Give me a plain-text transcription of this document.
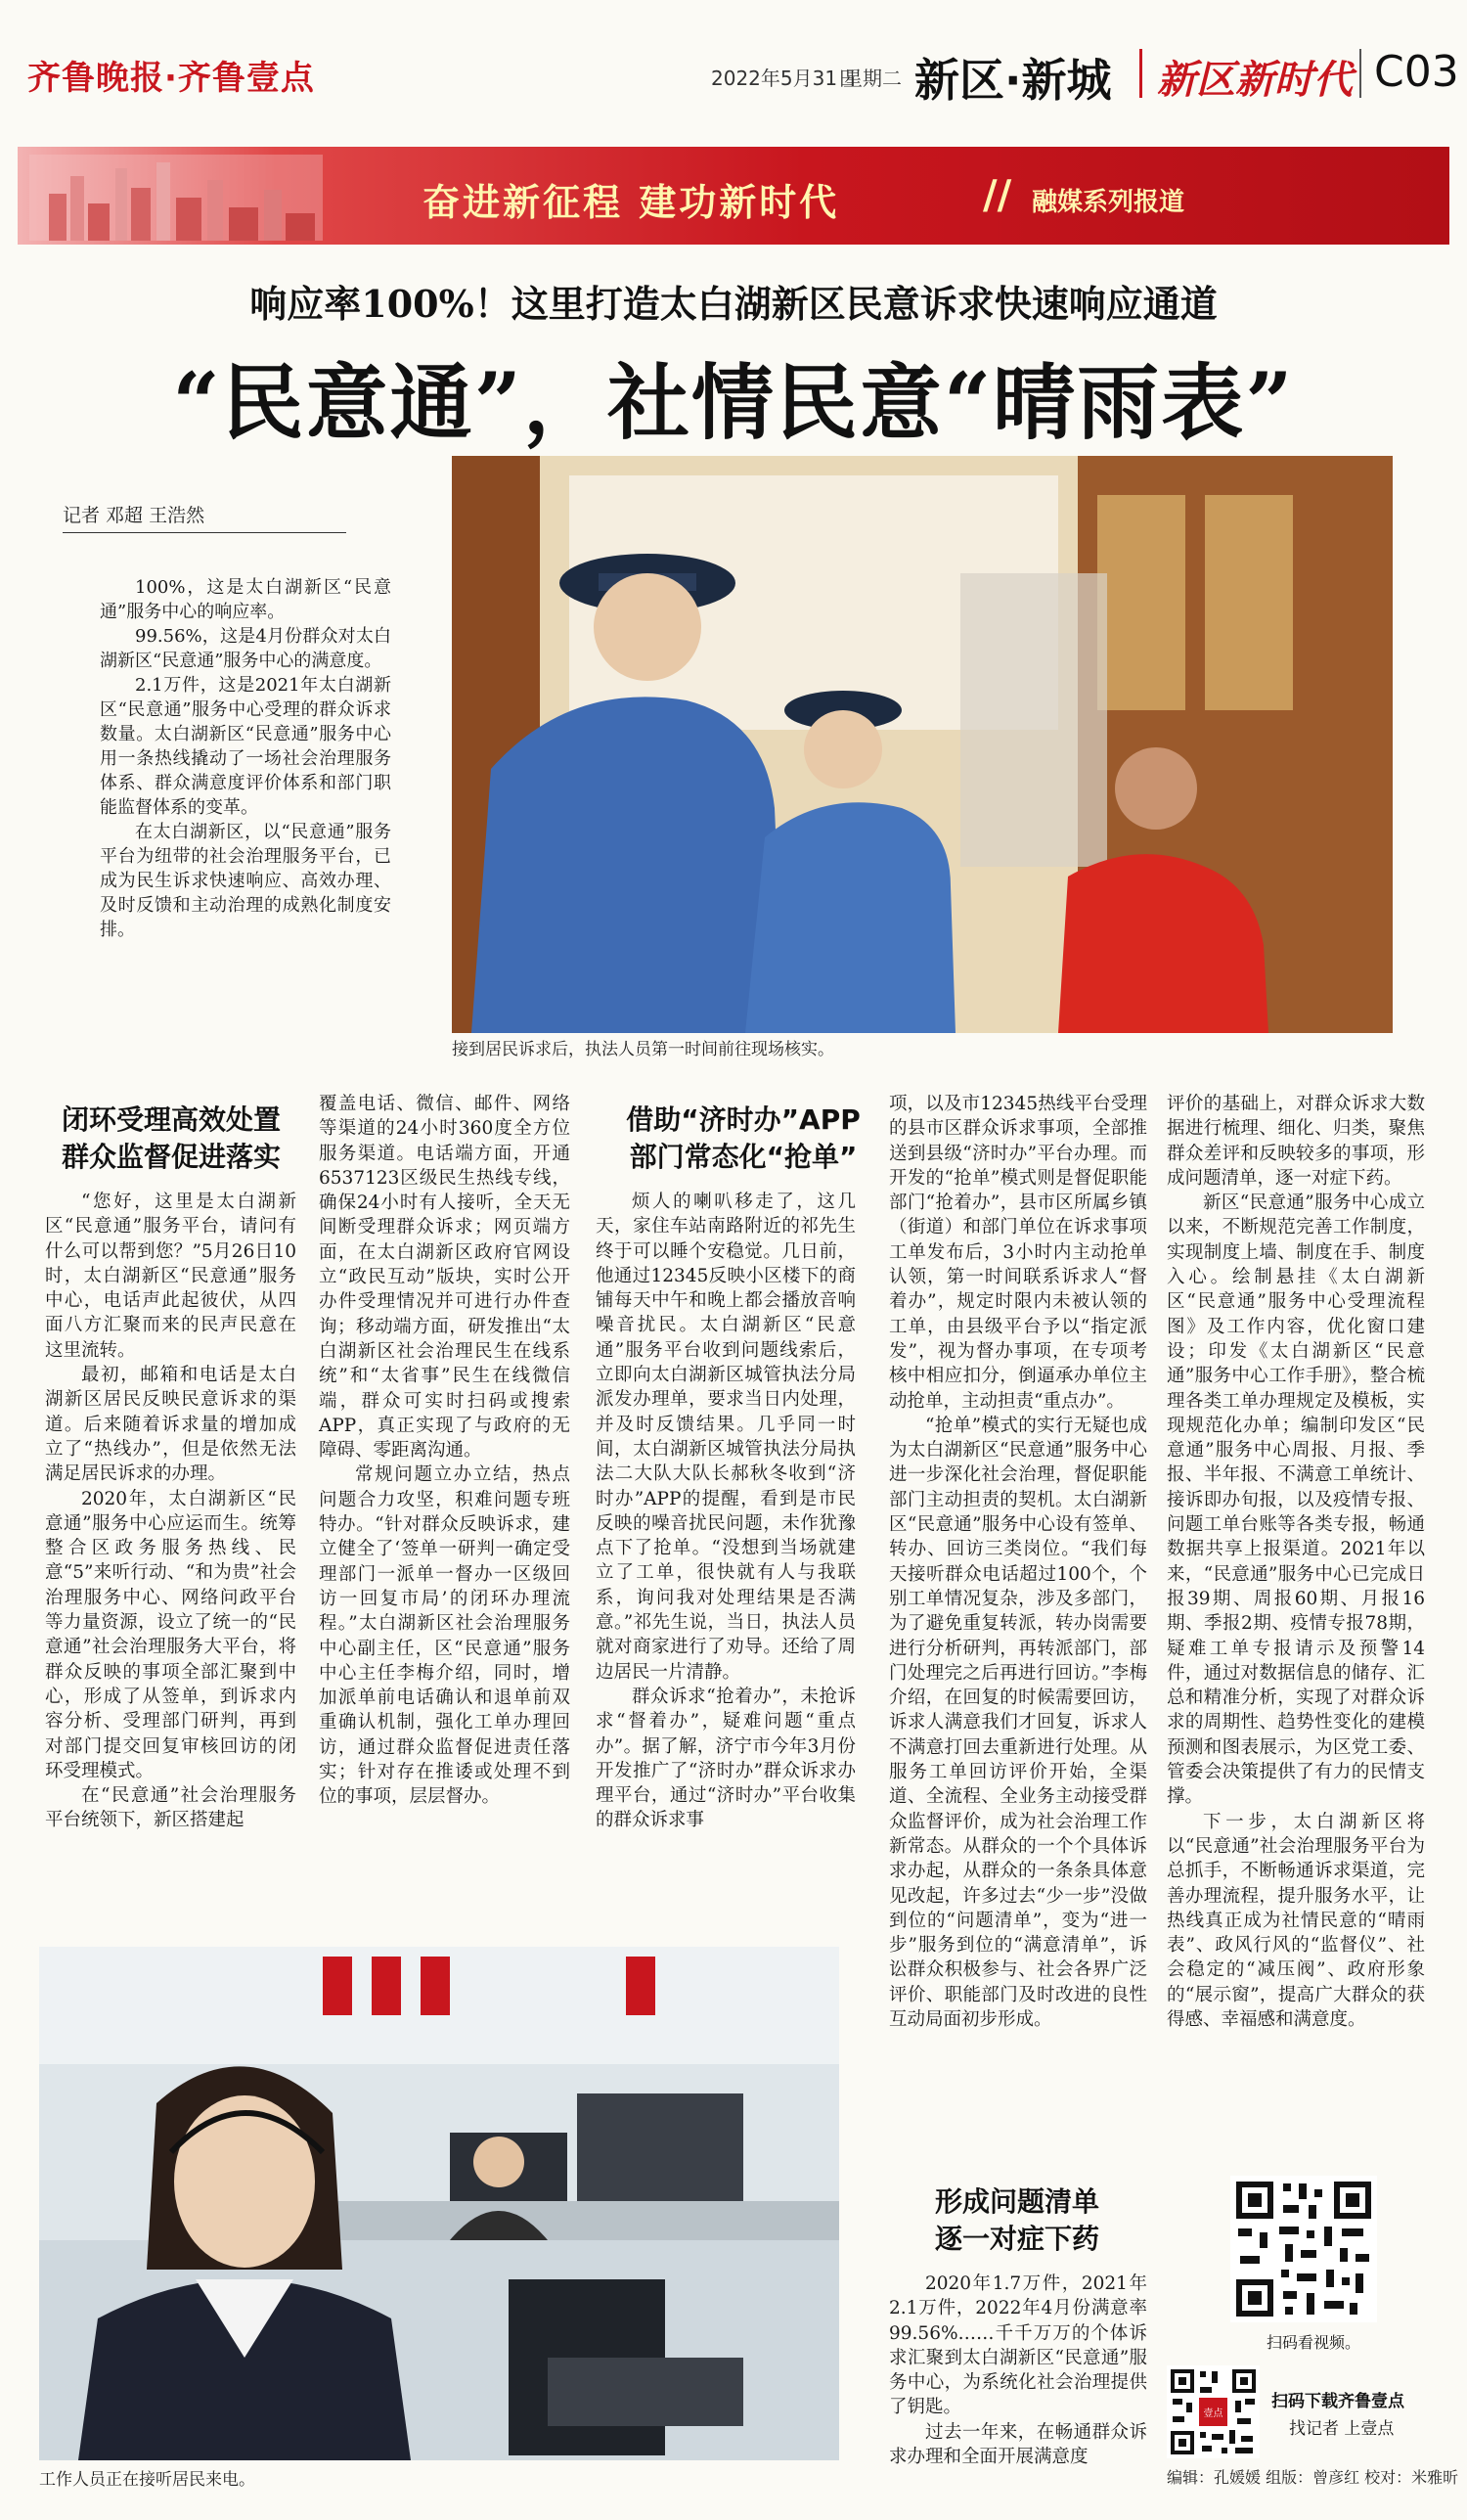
齐鲁晚报·齐鲁壹点	2022年5月31日
星期二 新区·新城 新区新时代 C03
奋进新征程 建功新时代	// 融媒系列报道
响应率100%！这里打造太白湖新区民意诉求快速响应通道
“民意通”，社情民意“晴雨表”
记者 邓超 王浩然

100%，这是太白湖新区“民意通”服务中心的响应率。

99.56%，这是4月份群众对太白湖新区“民意通”服务中心的满意度。

2.1万件，这是2021年太白湖新区“民意通”服务中心受理的群众诉求数量。太白湖新区“民意通”服务中心用一条热线撬动了一场社会治理服务体系、群众满意度评价体系和部门职能监督体系的变革。

在太白湖新区，以“民意通”服务平台为纽带的社会治理服务平台，已成为民生诉求快速响应、高效办理、及时反馈和主动治理的成熟化制度安排。

接到居民诉求后，执法人员第一时间前往现场核实。
闭环受理高效处置
群众监督促进落实

“您好，这里是太白湖新区“民意通”服务平台，请问有什么可以帮到您？”5月26日10时，太白湖新区“民意通”服务中心，电话声此起彼伏，从四面八方汇聚而来的民声民意在这里流转。

最初，邮箱和电话是太白湖新区居民反映民意诉求的渠道。后来随着诉求量的增加成立了“热线办”，但是依然无法满足居民诉求的办理。

2020年，太白湖新区“民意通”服务中心应运而生。统筹整合区政务服务热线、民意“5”来听行动、“和为贵”社会治理服务中心、网络问政平台等力量资源，设立了统一的“民意通”社会治理服务大平台，将群众反映的事项全部汇聚到中心，形成了从签单，到诉求内容分析、受理部门研判，再到对部门提交回复审核回访的闭环受理模式。

在“民意通”社会治理服务平台统领下，新区搭建起

覆盖电话、微信、邮件、网络等渠道的24小时360度全方位服务渠道。电话端方面，开通6537123区级民生热线专线，确保24小时有人接听，全天无间断受理群众诉求；网页端方面，在太白湖新区政府官网设立“政民互动”版块，实时公开办件受理情况并可进行办件查询；移动端方面，研发推出“太白湖新区社会治理民生在线系统”和“太省事”民生在线微信端，群众可实时扫码或搜索APP，真正实现了与政府的无障碍、零距离沟通。

常规问题立办立结，热点问题合力攻坚，积难问题专班特办。“针对群众反映诉求，建立健全了‘签单一研判一确定受理部门一派单一督办一区级回访一回复市局’的闭环办理流程。”太白湖新区社会治理服务中心副主任，区“民意通”服务中心主任李梅介绍，同时，增加派单前电话确认和退单前双重确认机制，强化工单办理回访，通过群众监督促进责任落实；针对存在推诿或处理不到位的事项，层层督办。

借助“济时办”APP
部门常态化“抢单”

烦人的喇叭移走了，这几天，家住车站南路附近的祁先生终于可以睡个安稳觉。几日前，他通过12345反映小区楼下的商铺每天中午和晚上都会播放音响噪音扰民。太白湖新区“民意通”服务平台收到问题线索后，立即向太白湖新区城管执法分局派发办理单，要求当日内处理，并及时反馈结果。几乎同一时间，太白湖新区城管执法分局执法二大队大队长郝秋冬收到“济时办”APP的提醒，看到是市民反映的噪音扰民问题，未作犹豫点下了抢单。“没想到当场就建立了工单，很快就有人与我联系，询问我对处理结果是否满意。”祁先生说，当日，执法人员就对商家进行了劝导。还给了周边居民一片清静。

群众诉求“抢着办”，未抢诉求“督着办”，疑难问题“重点办”。据了解，济宁市今年3月份开发推广了“济时办”群众诉求办理平台，通过“济时办”平台收集的群众诉求事

项，以及市12345热线平台受理的县市区群众诉求事项，全部推送到县级“济时办”平台办理。而开发的“抢单”模式则是督促职能部门“抢着办”，县市区所属乡镇（街道）和部门单位在诉求事项工单发布后，3小时内主动抢单认领，第一时间联系诉求人“督着办”，规定时限内未被认领的工单，由县级平台予以“指定派发”，视为督办事项，在专项考核中相应扣分，倒逼承办单位主动抢单，主动担责“重点办”。

“抢单”模式的实行无疑也成为太白湖新区“民意通”服务中心进一步深化社会治理，督促职能部门主动担责的契机。太白湖新区“民意通”服务中心设有签单、转办、回访三类岗位。“我们每天接听群众电话超过100个，个别工单情况复杂，涉及多部门，为了避免重复转派，转办岗需要进行分析研判，再转派部门，部门处理完之后再进行回访。”李梅介绍，在回复的时候需要回访，诉求人满意我们才回复，诉求人不满意打回去重新进行处理。从服务工单回访评价开始，全渠道、全流程、全业务主动接受群众监督评价，成为社会治理工作新常态。从群众的一个个具体诉求办起，从群众的一条条具体意见改起，许多过去“少一步”没做到位的“问题清单”，变为“进一步”服务到位的“满意清单”，诉讼群众积极参与、社会各界广泛评价、职能部门及时改进的良性互动局面初步形成。

形成问题清单
逐一对症下药

2020年1.7万件，2021年2.1万件，2022年4月份满意率99.56%……千千万万的个体诉求汇聚到太白湖新区“民意通”服务中心，为系统化社会治理提供了钥匙。

过去一年来，在畅通群众诉求办理和全面开展满意度

评价的基础上，对群众诉求大数据进行梳理、细化、归类，聚焦群众差评和反映较多的事项，形成问题清单，逐一对症下药。

新区“民意通”服务中心成立以来，不断规范完善工作制度，实现制度上墙、制度在手、制度入心。绘制悬挂《太白湖新区“民意通”服务中心受理流程图》及工作内容，优化窗口建设；印发《太白湖新区“民意通”服务中心工作手册》，整合梳理各类工单办理规定及模板，实现规范化办单；编制印发区“民意通”服务中心周报、月报、季报、半年报、不满意工单统计、接诉即办旬报，以及疫情专报、问题工单台账等各类专报，畅通数据共享上报渠道。2021年以来，“民意通”服务中心已完成日报39期、周报60期、月报16期、季报2期、疫情专报78期，疑难工单专报请示及预警14件，通过对数据信息的储存、汇总和精准分析，实现了对群众诉求的周期性、趋势性变化的建模预测和图表展示，为区党工委、管委会决策提供了有力的民情支撑。

下一步，太白湖新区将以“民意通”社会治理服务平台为总抓手，不断畅通诉求渠道，完善办理流程，提升服务水平，让热线真正成为社情民意的“晴雨表”、政风行风的“监督仪”、社会稳定的“减压阀”、政府形象的“展示窗”，提高广大群众的获得感、幸福感和满意度。

工作人员正在接听居民来电。
扫码看视频。
壹点
扫码下载齐鲁壹点
找记者 上壹点
编辑：孔媛媛 组版：曾彦红 校对：米雅昕
